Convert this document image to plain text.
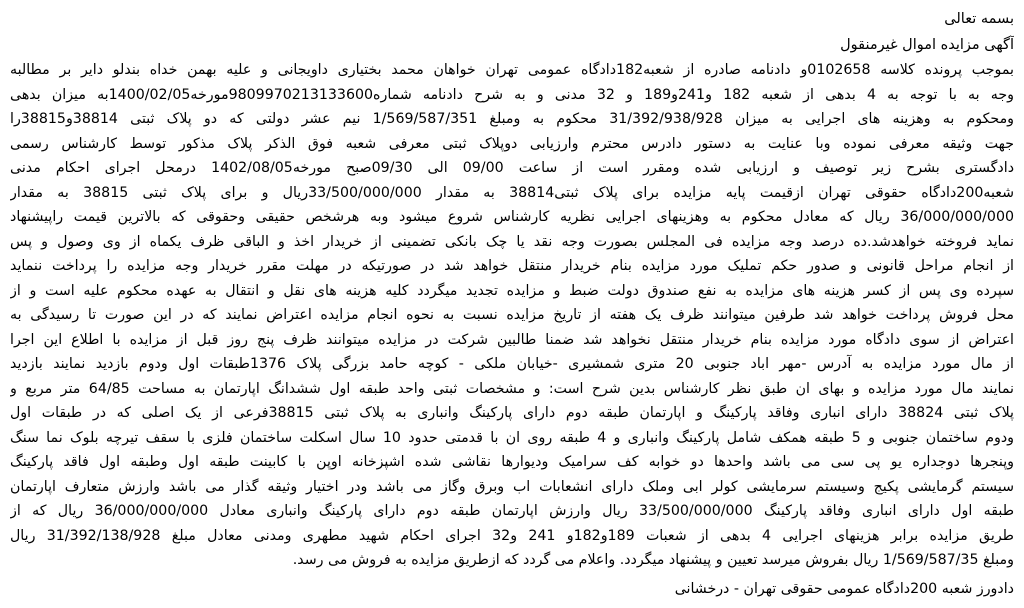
بسمه تعالی
آگهی مزایده اموال غیرمنقول
بموجب پرونده کلاسه 0102658و دادنامه صادره از شعبه182دادگاه عمومی تهران خواهان محمد بختیاری داویجانی و علیه بهمن خداه بندلو دایر بر مطالبه
وجه به با توجه به 4 بدهی از شعبه 182 و241و189 و 32 مدنی و به شرح دادنامه شماره9809970213133600مورخه1400/02/05به میزان بدهی
ومحکوم به وهزینه های اجرایی به میزان 31/392/938/928 محکوم به ومبلغ 1/569/587/351 نیم عشر دولتی که دو پلاک ثبتی 38814و38815را
جهت وثیقه معرفی نموده وبا عنایت به دستور دادرس محترم وارزیابی دوپلاک ثبتی معرفی شعبه فوق الذکر پلاک مذکور توسط کارشناس رسمی
دادگستری بشرح زیر توصیف و ارزیابی شده ومقرر است از ساعت 09/00 الی 09/30صبح مورخه1402/08/05 درمحل اجرای احکام مدنی
شعبه200دادگاه حقوقی تهران ازقیمت پایه مزایده برای پلاک ثبتی38814 به مقدار 33/500/000/000ریال و برای پلاک ثبتی 38815 به مقدار
36/000/000/000 ریال که معادل محکوم به وهزینهای اجرایی نظریه کارشناس شروع میشود وبه هرشخص حقیقی وحقوقی که بالاترین قیمت راپیشنهاد
نماید فروخته خواهدشد.ده درصد وجه مزایده فی المجلس بصورت وجه نقد یا چک بانکی تضمینی از خریدار اخذ و الباقی ظرف یکماه از وی وصول و پس
از انجام مراحل قانونی و صدور حکم تملیک مورد مزایده بنام خریدار منتقل خواهد شد در صورتیکه در مهلت مقرر خریدار وجه مزایده را پرداخت ننماید
سپرده وی پس از کسر هزینه های مزایده به نفع صندوق دولت ضبط و مزایده تجدید میگردد کلیه هزینه های نقل و انتقال به عهده محکوم علیه است و از
محل فروش پرداخت خواهد شد طرفین میتوانند ظرف یک هفته از تاریخ مزایده نسبت به نحوه انجام مزایده اعتراض نمایند که در این صورت تا رسیدگی به
اعتراض از سوی دادگاه مورد مزایده بنام خریدار منتقل نخواهد شد ضمنا طالبین شرکت در مزایده میتوانند ظرف پنج روز قبل از مزایده با اطلاع این اجرا
از مال مورد مزایده به آدرس -مهر اباد جنوبی 20 متری شمشیری -خیابان ملکی - کوچه حامد بزرگی پلاک 1376طبقات اول ودوم بازدید نمایند بازدید
نمایند مال مورد مزایده و بهای ان طبق نظر کارشناس بدین شرح است: و مشخصات ثبتی واحد طبقه اول ششدانگ اپارتمان به مساحت 64/85 متر مربع و
پلاک ثبتی 38824 دارای انباری وفاقد پارکینگ و اپارتمان طبقه دوم دارای پارکینگ وانباری به پلاک ثبتی 38815فرعی از یک اصلی که در طبقات اول
ودوم ساختمان جنوبی و 5 طبقه همکف شامل پارکینگ وانباری و 4 طبقه روی ان با قدمتی حدود 10 سال اسکلت ساختمان فلزی با سقف تیرچه بلوک نما سنگ
وپنجرها دوجداره یو پی سی می باشد واحدها دو خوابه کف سرامیک ودیوارها نقاشی شده اشپزخانه اوپن با کابینت طبقه اول وطبقه اول فاقد پارکینگ
سیستم گرمایشی پکیج وسیستم سرمایشی کولر ابی وملک دارای انشعابات اب وبرق وگاز می باشد ودر اختیار وثیقه گذار می باشد وارزش متعارف اپارتمان
طبقه اول دارای انباری وفاقد پارکینگ 33/500/000/000 ریال وارزش اپارتمان طبقه دوم دارای پارکینگ وانباری معادل 36/000/000/000 ریال که از
طریق مزایده برابر هزینهای اجرایی 4 بدهی از شعبات 189و182و 241 و32 اجرای احکام شهید مطهری ومدنی معادل مبلغ 31/392/138/928 ریال
ومبلغ 1/569/587/35 ریال بفروش میرسد تعیین و پیشنهاد میگردد. واعلام می گردد که ازطریق مزایده به فروش می رسد.
دادورز شعبه 200دادگاه عمومی حقوقی تهران - درخشانی
